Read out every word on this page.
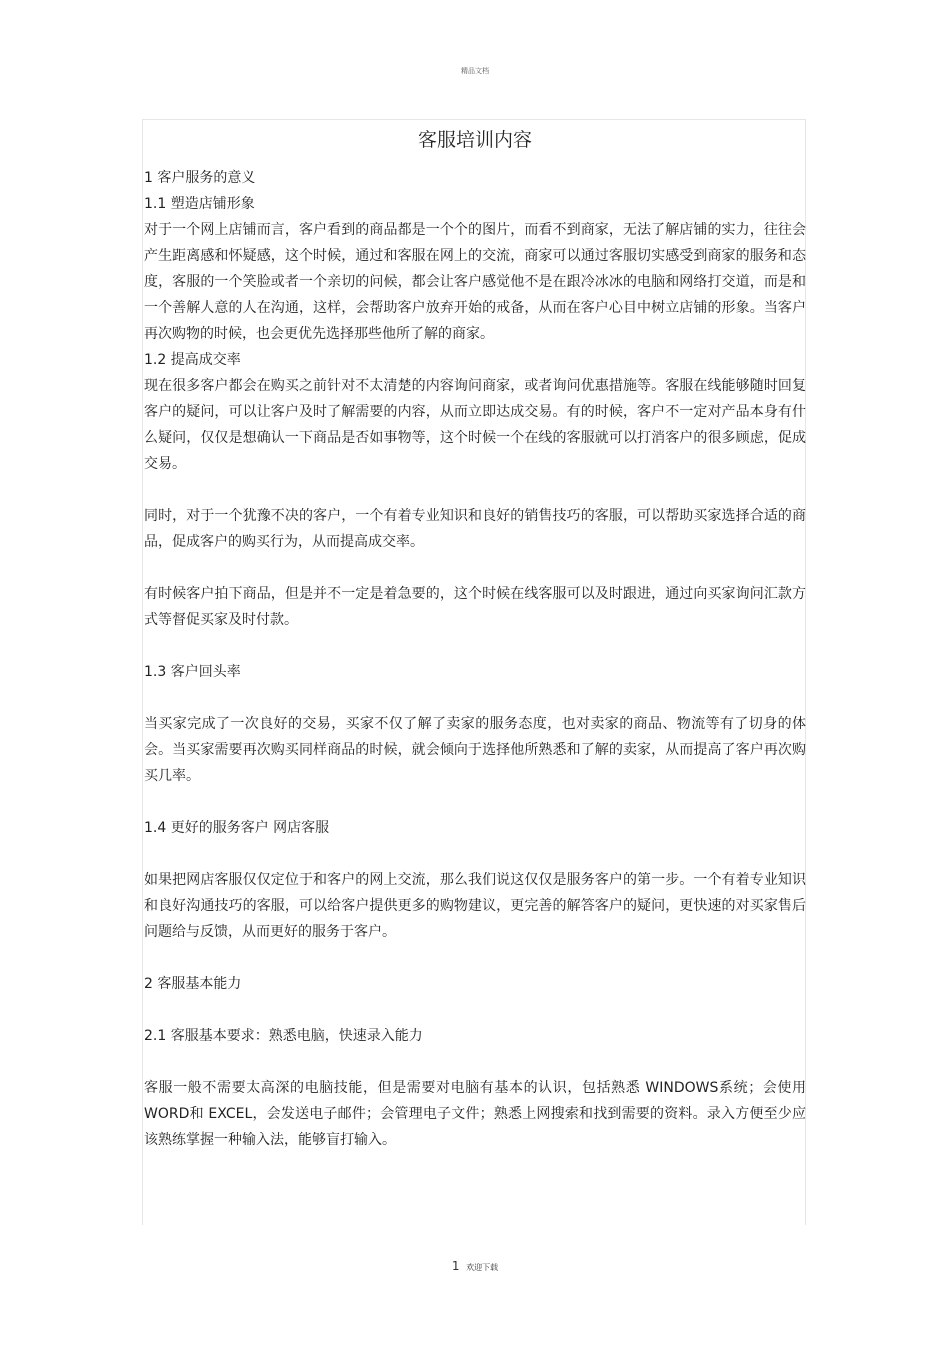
精品文档
客服培训内容

1 客户服务的意义

1.1 塑造店铺形象

对于一个网上店铺而言，客户看到的商品都是一个个的图片，而看不到商家，无法了解店铺的实力，往往会产生距离感和怀疑感，这个时候，通过和客服在网上的交流，商家可以通过客服切实感受到商家的服务和态度，客服的一个笑脸或者一个亲切的问候，都会让客户感觉他不是在跟冷冰冰的电脑和网络打交道，而是和一个善解人意的人在沟通，这样，会帮助客户放弃开始的戒备，从而在客户心目中树立店铺的形象。当客户再次购物的时候，也会更优先选择那些他所了解的商家。

1.2 提高成交率

现在很多客户都会在购买之前针对不太清楚的内容询问商家，或者询问优惠措施等。客服在线能够随时回复客户的疑问，可以让客户及时了解需要的内容，从而立即达成交易。有的时候，客户不一定对产品本身有什么疑问，仅仅是想确认一下商品是否如事物等，这个时候一个在线的客服就可以打消客户的很多顾虑，促成交易。

同时，对于一个犹豫不决的客户，一个有着专业知识和良好的销售技巧的客服，可以帮助买家选择合适的商品，促成客户的购买行为，从而提高成交率。

有时候客户拍下商品，但是并不一定是着急要的，这个时候在线客服可以及时跟进，通过向买家询问汇款方式等督促买家及时付款。

1.3 客户回头率

当买家完成了一次良好的交易，买家不仅了解了卖家的服务态度，也对卖家的商品、物流等有了切身的体会。当买家需要再次购买同样商品的时候，就会倾向于选择他所熟悉和了解的卖家，从而提高了客户再次购买几率。

1.4 更好的服务客户 网店客服

如果把网店客服仅仅定位于和客户的网上交流，那么我们说这仅仅是服务客户的第一步。一个有着专业知识和良好沟通技巧的客服，可以给客户提供更多的购物建议，更完善的解答客户的疑问，更快速的对买家售后问题给与反馈，从而更好的服务于客户。

2 客服基本能力

2.1 客服基本要求：熟悉电脑，快速录入能力

客服一般不需要太高深的电脑技能，但是需要对电脑有基本的认识，包括熟悉 WINDOWS系统；会使用 WORD和 EXCEL，会发送电子邮件；会管理电子文件；熟悉上网搜索和找到需要的资料。录入方便至少应该熟练掌握一种输入法，能够盲打输入。

1 欢迎下载
